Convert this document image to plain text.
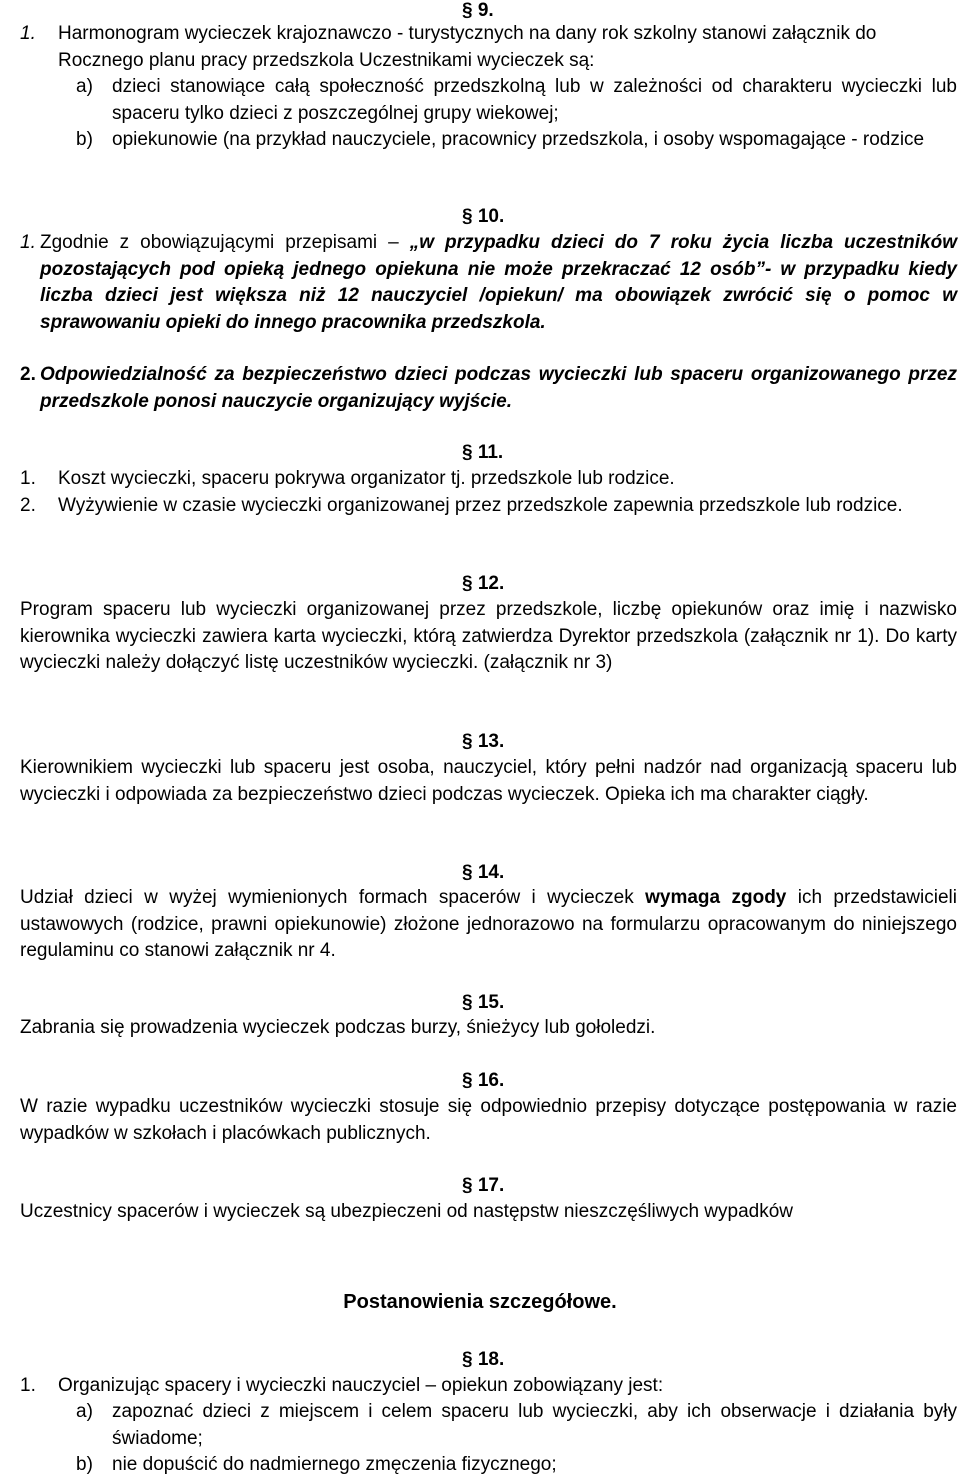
§ 9.
1. Harmonogram wycieczek krajoznawczo - turystycznych na dany rok szkolny stanowi załącznik do Rocznego planu pracy przedszkola Uczestnikami wycieczek są:
a) dzieci stanowiące całą społeczność przedszkolną lub w zależności od charakteru wycieczki lub spaceru tylko dzieci z poszczególnej grupy wiekowej;
b) opiekunowie (na przykład nauczyciele, pracownicy przedszkola, i osoby wspomagające - rodzice
§ 10.
1. Zgodnie z obowiązującymi przepisami – „w przypadku dzieci do 7 roku życia liczba uczestników pozostających pod opieką jednego opiekuna nie może przekraczać 12 osób”- w przypadku kiedy liczba dzieci jest większa niż 12 nauczyciel /opiekun/ ma obowiązek zwrócić się o pomoc w sprawowaniu opieki do innego pracownika przedszkola.
2. Odpowiedzialność za bezpieczeństwo dzieci podczas wycieczki lub spaceru organizowanego przez przedszkole ponosi nauczycie organizujący wyjście.
§ 11.
1. Koszt wycieczki, spaceru pokrywa organizator tj. przedszkole lub rodzice.
2. Wyżywienie w czasie wycieczki organizowanej przez przedszkole zapewnia przedszkole lub rodzice.
§ 12.
Program spaceru lub wycieczki organizowanej przez przedszkole, liczbę opiekunów oraz imię i nazwisko kierownika wycieczki zawiera karta wycieczki, którą zatwierdza Dyrektor przedszkola (załącznik nr 1). Do karty wycieczki należy dołączyć listę uczestników wycieczki. (załącznik nr 3)
§ 13.
Kierownikiem wycieczki lub spaceru jest osoba, nauczyciel, który pełni nadzór nad organizacją spaceru lub wycieczki i odpowiada za bezpieczeństwo dzieci podczas wycieczek. Opieka ich ma charakter ciągły.
§ 14.
Udział dzieci w wyżej wymienionych formach spacerów i wycieczek wymaga zgody ich przedstawicieli ustawowych (rodzice, prawni opiekunowie) złożone jednorazowo na formularzu opracowanym do niniejszego regulaminu co stanowi załącznik nr 4.
§ 15.
Zabrania się prowadzenia wycieczek podczas burzy, śnieżycy lub gołoledzi.
§ 16.
W razie wypadku uczestników wycieczki stosuje się odpowiednio przepisy dotyczące postępowania w razie wypadków w szkołach i placówkach publicznych.
§ 17.
Uczestnicy spacerów i wycieczek są ubezpieczeni od następstw nieszczęśliwych wypadków
Postanowienia szczegółowe.
§ 18.
1. Organizując spacery i wycieczki nauczyciel – opiekun zobowiązany jest:
a) zapoznać dzieci z miejscem i celem spaceru lub wycieczki, aby ich obserwacje i działania były świadome;
b) nie dopuścić do nadmiernego zmęczenia fizycznego;
